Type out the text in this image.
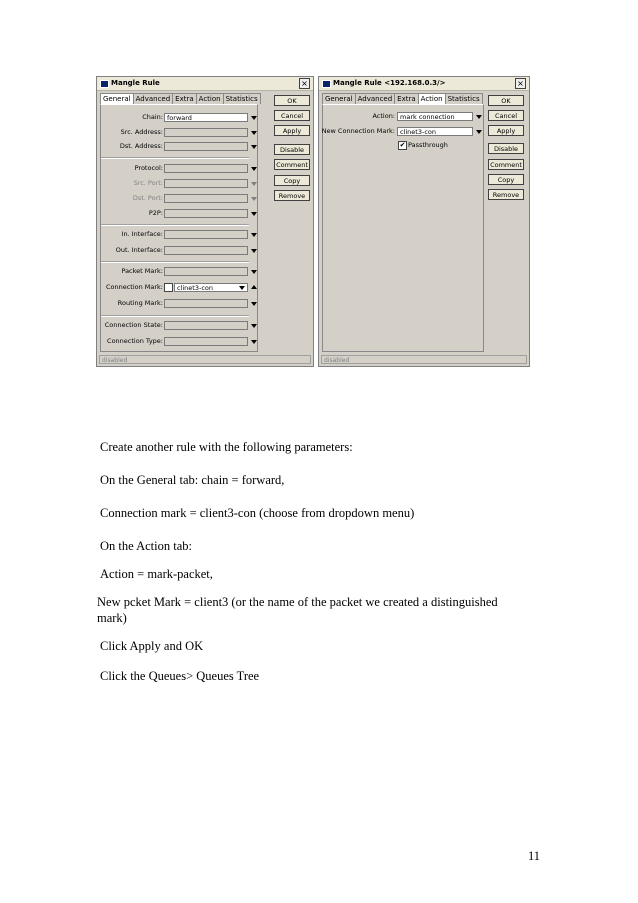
Mangle Rule	×
General Advanced Extra Action Statistics
Chain: forward
Src. Address:
Dst. Address:
Protocol:
Src. Port:
Dst. Port:
P2P:
In. Interface:
Out. Interface:
Packet Mark:
Connection Mark:	clinet3-con
Routing Mark:
Connection State:
Connection Type:
OK
Cancel
Apply
Disable
Comment
Copy
Remove
disabled
Mangle Rule <192.168.0.3/>	×
General Advanced Extra Action Statistics
Action: mark connection
New Connection Mark: clinet3-con
✔ Passthrough
OK
Cancel
Apply
Disable
Comment
Copy
Remove
disabled

Create another rule with the following parameters:

On the General tab: chain = forward,

Connection mark = client3-con (choose from dropdown menu)

On the Action tab:

Action = mark-packet,

New pcket Mark = client3 (or the name of the packet we created a distinguished mark)

Click Apply and OK

Click the Queues> Queues Tree

11
